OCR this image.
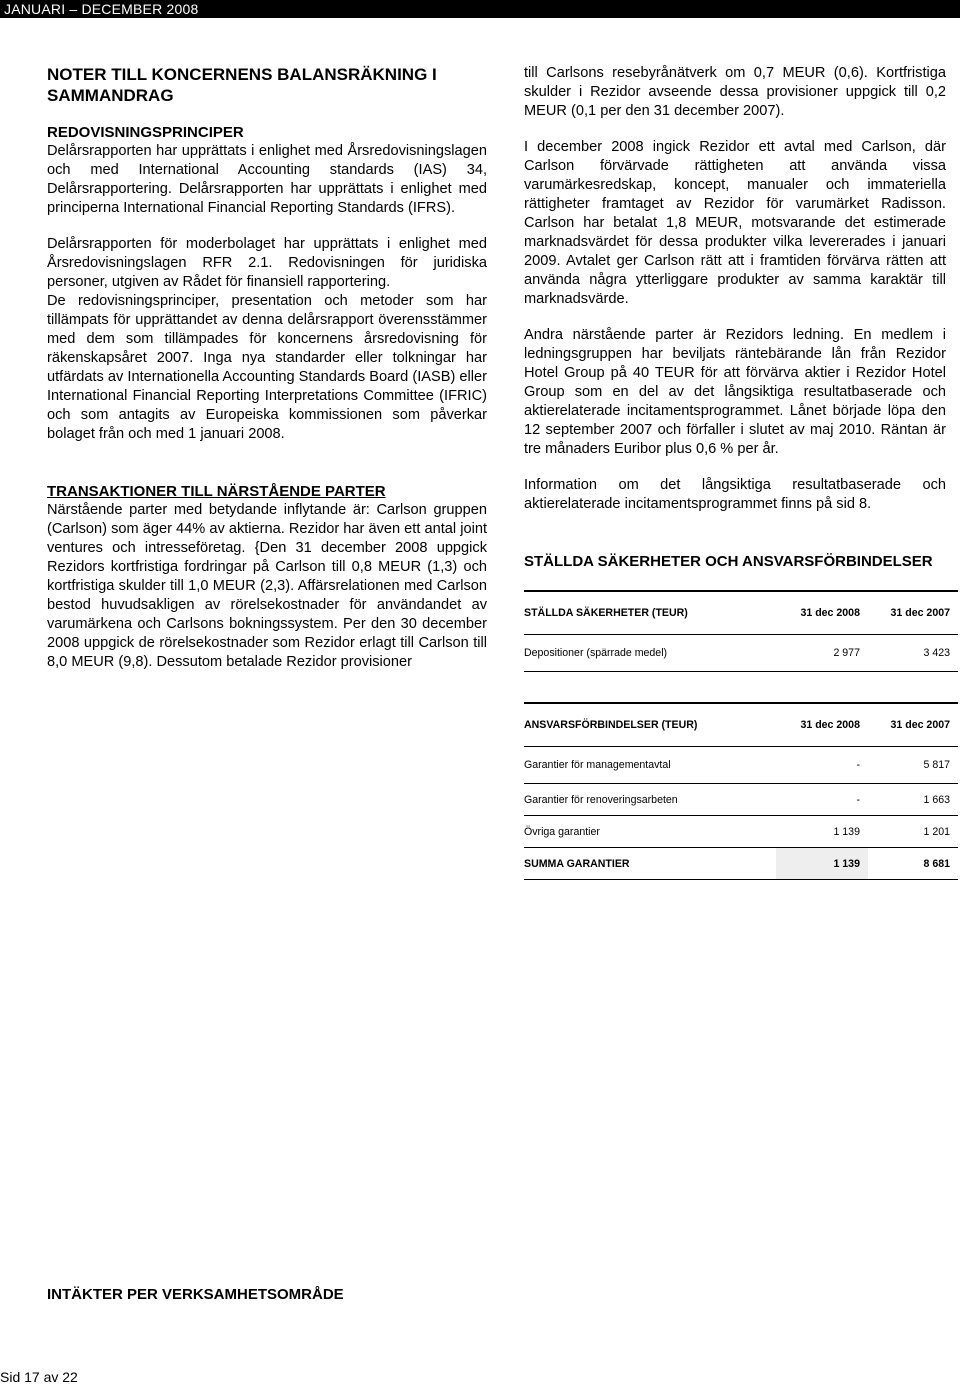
JANUARI – DECEMBER 2008

NOTER TILL KONCERNENS BALANSRÄKNING I SAMMANDRAG

REDOVISNINGSPRINCIPER

Delårsrapporten har upprättats i enlighet med Årsredovisningslagen och med International Accounting standards (IAS) 34, Delårsrapportering. Delårsrapporten har upprättats i enlighet med principerna International Financial Reporting Standards (IFRS).

Delårsrapporten för moderbolaget har upprättats i enlighet med Årsredovisningslagen RFR 2.1. Redovisningen för juridiska personer, utgiven av Rådet för finansiell rapportering.

De redovisningsprinciper, presentation och metoder som har tillämpats för upprättandet av denna delårsrapport överensstämmer med dem som tillämpades för koncernens årsredovisning för räkenskapsåret 2007. Inga nya standarder eller tolkningar har utfärdats av Internationella Accounting Standards Board (IASB) eller International Financial Reporting Interpretations Committee (IFRIC) och som antagits av Europeiska kommissionen som påverkar bolaget från och med 1 januari 2008.

TRANSAKTIONER TILL NÄRSTÅENDE PARTER

Närstående parter med betydande inflytande är: Carlson gruppen (Carlson) som äger 44% av aktierna. Rezidor har även ett antal joint ventures och intresseföretag. {Den 31 december 2008 uppgick Rezidors kortfristiga fordringar på Carlson till 0,8 MEUR (1,3) och kortfristiga skulder till 1,0 MEUR (2,3). Affärsrelationen med Carlson bestod huvudsakligen av rörelsekostnader för användandet av varumärkena och Carlsons bokningssystem. Per den 30 december 2008 uppgick de rörelsekostnader som Rezidor erlagt till Carlson till 8,0 MEUR (9,8). Dessutom betalade Rezidor provisioner

till Carlsons resebyrånätverk om 0,7 MEUR (0,6). Kortfristiga skulder i Rezidor avseende dessa provisioner uppgick till 0,2 MEUR (0,1 per den 31 december 2007).

I december 2008 ingick Rezidor ett avtal med Carlson, där Carlson förvärvade rättigheten att använda vissa varumärkesredskap, koncept, manualer och immateriella rättigheter framtaget av Rezidor för varumärket Radisson. Carlson har betalat 1,8 MEUR, motsvarande det estimerade marknadsvärdet för dessa produkter vilka levererades i januari 2009. Avtalet ger Carlson rätt att i framtiden förvärva rätten att använda några ytterliggare produkter av samma karaktär till marknadsvärde.

Andra närstående parter är Rezidors ledning. En medlem i ledningsgruppen har beviljats räntebärande lån från Rezidor Hotel Group på 40 TEUR för att förvärva aktier i Rezidor Hotel Group som en del av det långsiktiga resultatbaserade och aktierelaterade incitamentsprogrammet. Lånet började löpa den 12 september 2007 och förfaller i slutet av maj 2010. Räntan är tre månaders Euribor plus 0,6 % per år.

Information om det långsiktiga resultatbaserade och aktierelaterade incitamentsprogrammet finns på sid 8.

STÄLLDA SÄKERHETER OCH ANSVARSFÖRBINDELSER

STÄLLDA SÄKERHETER (TEUR)	31 dec 2008	31 dec 2007
Depositioner (spärrade medel)	2 977	3 423

ANSVARSFÖRBINDELSER (TEUR)	31 dec 2008	31 dec 2007
Garantier för managementavtal	-	5 817
Garantier för renoveringsarbeten	-	1 663
Övriga garantier	1 139	1 201
SUMMA GARANTIER	1 139	8 681
INTÄKTER PER VERKSAMHETSOMRÅDE
Sid 17 av 22
